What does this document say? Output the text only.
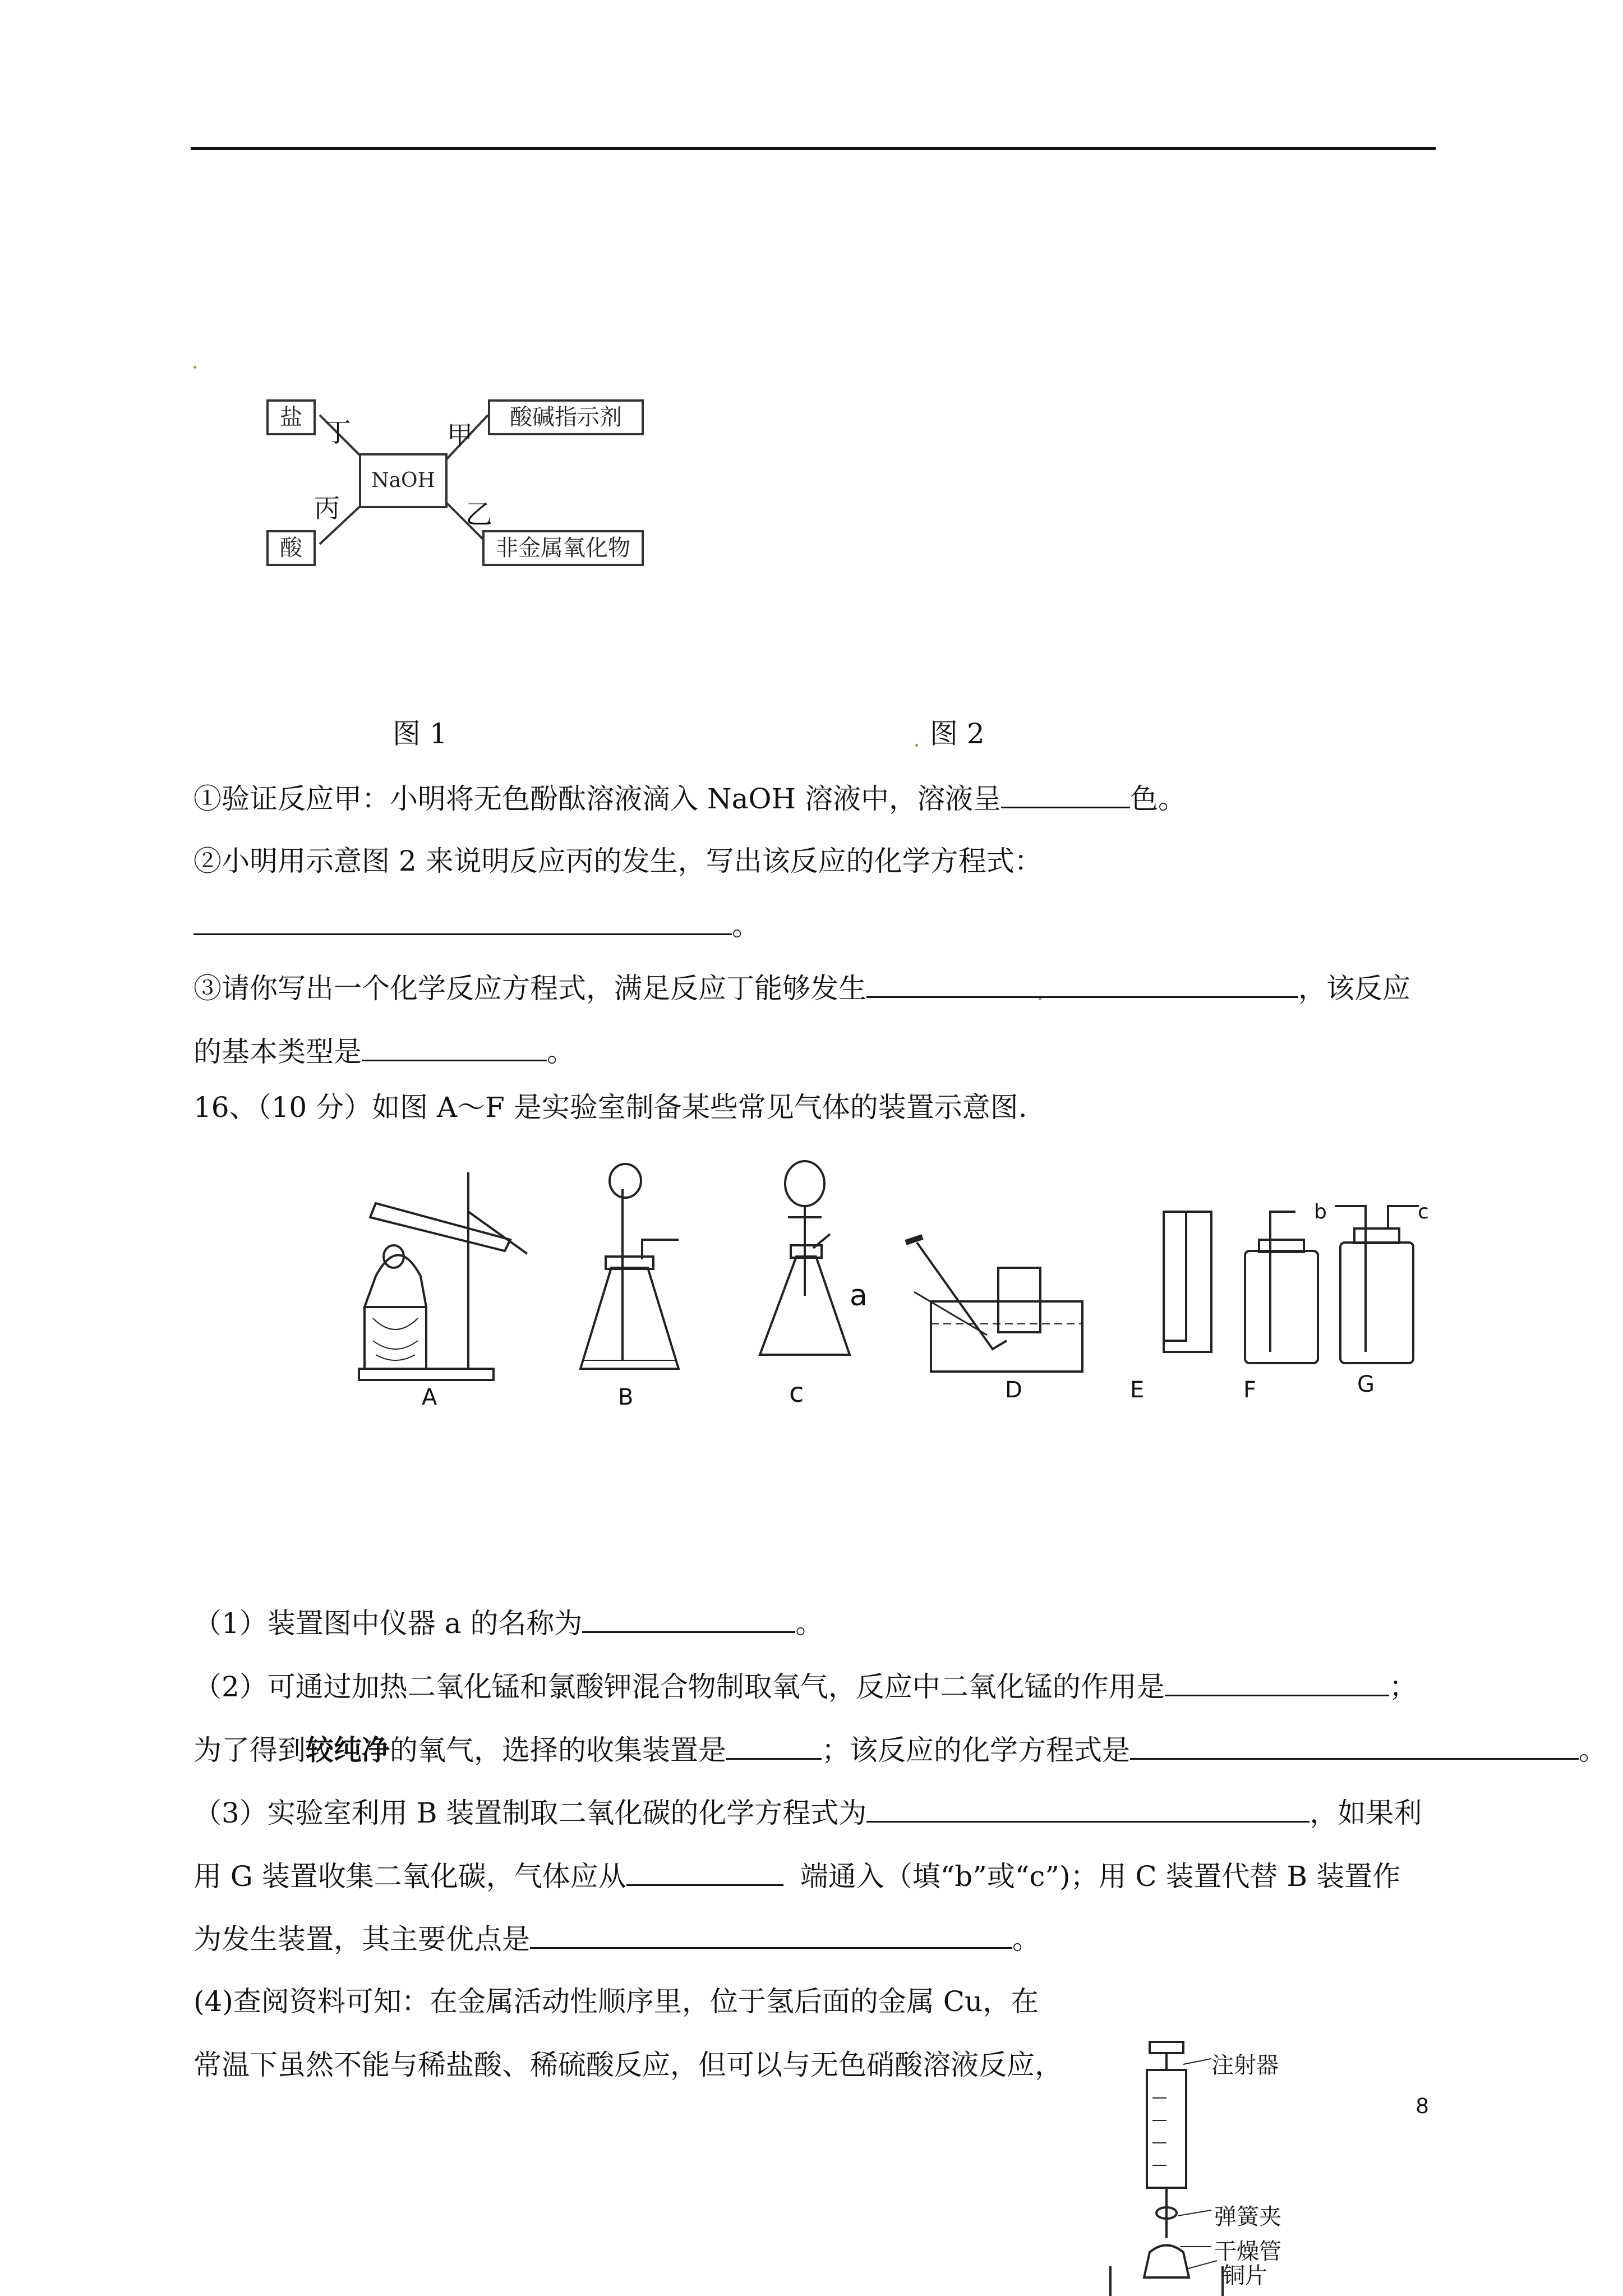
NaOH
盐	酸碱指示剂
酸	非金属氧化物
丁	甲
丙	乙
图 1	图 2
①验证反应甲：小明将无色酚酞溶液滴入 NaOH 溶液中，溶液呈	色。
②小明用示意图 2 来说明反应丙的发生，写出该反应的化学方程式：
。
③请你写出一个化学反应方程式，满足反应丁能够发生	，该反应
的基本类型是	。
16、（10 分）如图 A～F 是实验室制备某些常见气体的装置示意图.
A	B	c	D	E	F	G
a
b	c
（1）装置图中仪器 a 的名称为	。
（2）可通过加热二氧化锰和氯酸钾混合物制取氧气，反应中二氧化锰的作用是	；
为了得到较纯净的氧气，选择的收集装置是	；该反应的化学方程式是	。
（3）实验室利用 B 装置制取二氧化碳的化学方程式为	，如果利
用 G 装置收集二氧化碳，气体应从	端通入（填“b”或“c”)；用 C 装置代替 B 装置作
为发生装置，其主要优点是	。
(4)查阅资料可知：在金属活动性顺序里，位于氢后面的金属 Cu，在
常温下虽然不能与稀盐酸、稀硫酸反应，但可以与无色硝酸溶液反应，	注射器
弹簧夹
干燥管
铜片
8
